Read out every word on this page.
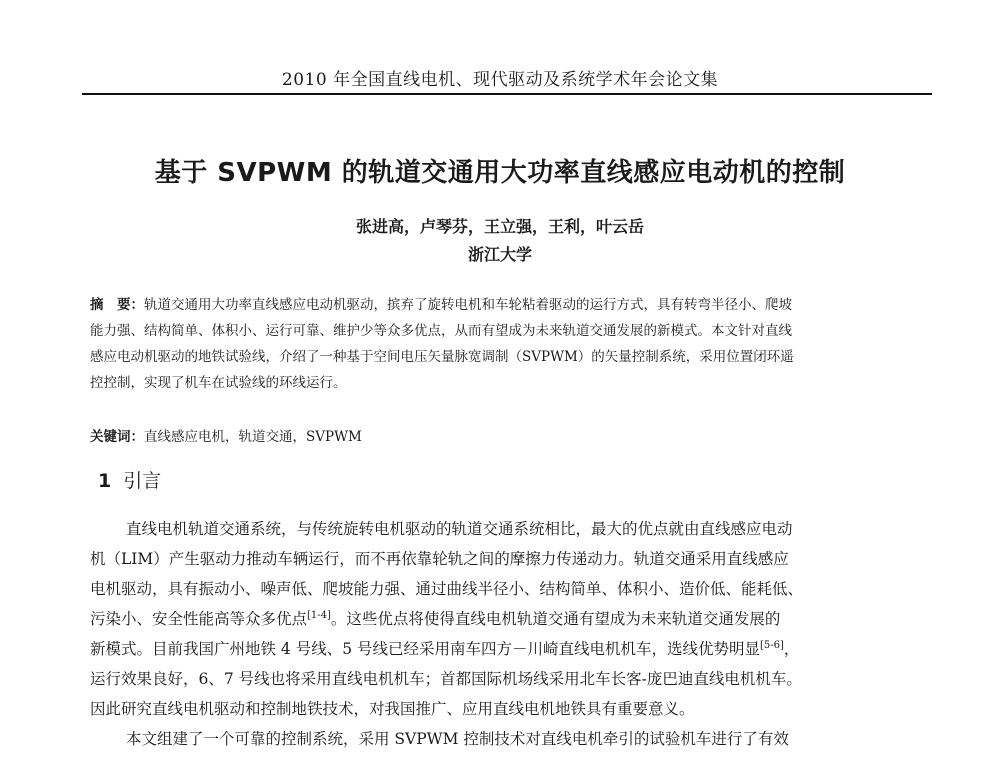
2010 年全国直线电机、现代驱动及系统学术年会论文集
基于 SVPWM 的轨道交通用大功率直线感应电动机的控制
张进高，卢琴芬，王立强，王利，叶云岳
浙江大学
摘　要：轨道交通用大功率直线感应电动机驱动，摈弃了旋转电机和车轮粘着驱动的运行方式，具有转弯半径小、爬坡
能力强、结构简单、体积小、运行可靠、维护少等众多优点，从而有望成为未来轨道交通发展的新模式。本文针对直线
感应电动机驱动的地铁试验线，介绍了一种基于空间电压矢量脉宽调制（SVPWM）的矢量控制系统，采用位置闭环遥
控控制，实现了机车在试验线的环线运行。
关键词：直线感应电机，轨道交通，SVPWM
1 引言
直线电机轨道交通系统，与传统旋转电机驱动的轨道交通系统相比，最大的优点就由直线感应电动
机（LIM）产生驱动力推动车辆运行，而不再依靠轮轨之间的摩擦力传递动力。轨道交通采用直线感应
电机驱动，具有振动小、噪声低、爬坡能力强、通过曲线半径小、结构简单、体积小、造价低、能耗低、
污染小、安全性能高等众多优点[1-4]。这些优点将使得直线电机轨道交通有望成为未来轨道交通发展的
新模式。目前我国广州地铁 4 号线、5 号线已经采用南车四方－川崎直线电机机车，选线优势明显[5-6]，
运行效果良好，6、7 号线也将采用直线电机机车；首都国际机场线采用北车长客-庞巴迪直线电机机车。
因此研究直线电机驱动和控制地铁技术，对我国推广、应用直线电机地铁具有重要意义。
本文组建了一个可靠的控制系统，采用 SVPWM 控制技术对直线电机牵引的试验机车进行了有效
